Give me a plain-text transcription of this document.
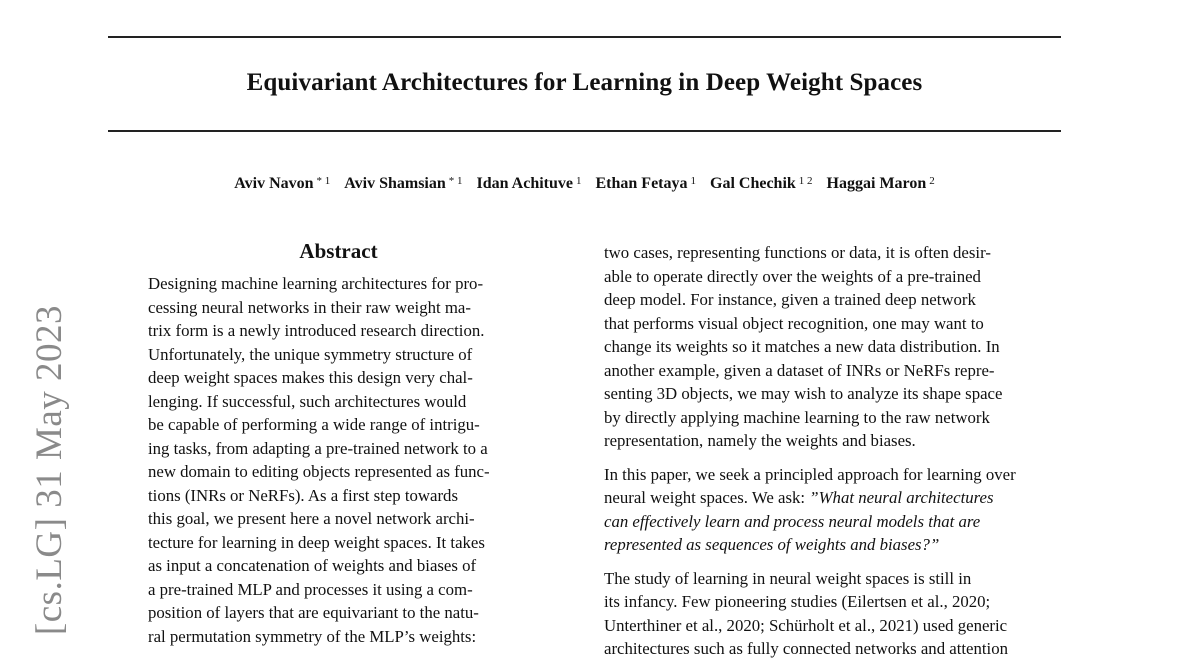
Equivariant Architectures for Learning in Deep Weight Spaces
Aviv Navon $^{* 1}$ Aviv Shamsian $^{* 1}$ Idan Achituve $^1$ Ethan Fetaya $^1$ Gal Chechik $^{1 2}$ Haggai Maron $^2$
[cs.LG] 31 May 2023
Abstract
Designing machine learning architectures for pro-
cessing neural networks in their raw weight ma-
trix form is a newly introduced research direction.
Unfortunately, the unique symmetry structure of
deep weight spaces makes this design very chal-
lenging. If successful, such architectures would
be capable of performing a wide range of intrigu-
ing tasks, from adapting a pre-trained network to a
new domain to editing objects represented as func-
tions (INRs or NeRFs). As a first step towards
this goal, we present here a novel network archi-
tecture for learning in deep weight spaces. It takes
as input a concatenation of weights and biases of
a pre-trained MLP and processes it using a com-
position of layers that are equivariant to the natu-
ral permutation symmetry of the MLP’s weights:
two cases, representing functions or data, it is often desir-
able to operate directly over the weights of a pre-trained
deep model. For instance, given a trained deep network
that performs visual object recognition, one may want to
change its weights so it matches a new data distribution. In
another example, given a dataset of INRs or NeRFs repre-
senting 3D objects, we may wish to analyze its shape space
by directly applying machine learning to the raw network
representation, namely the weights and biases.
In this paper, we seek a principled approach for learning over
neural weight spaces. We ask: ”What neural architectures
can effectively learn and process neural models that are
represented as sequences of weights and biases?”
The study of learning in neural weight spaces is still in
its infancy. Few pioneering studies (Eilertsen et al., 2020;
Unterthiner et al., 2020; Schürholt et al., 2021) used generic
architectures such as fully connected networks and attention
